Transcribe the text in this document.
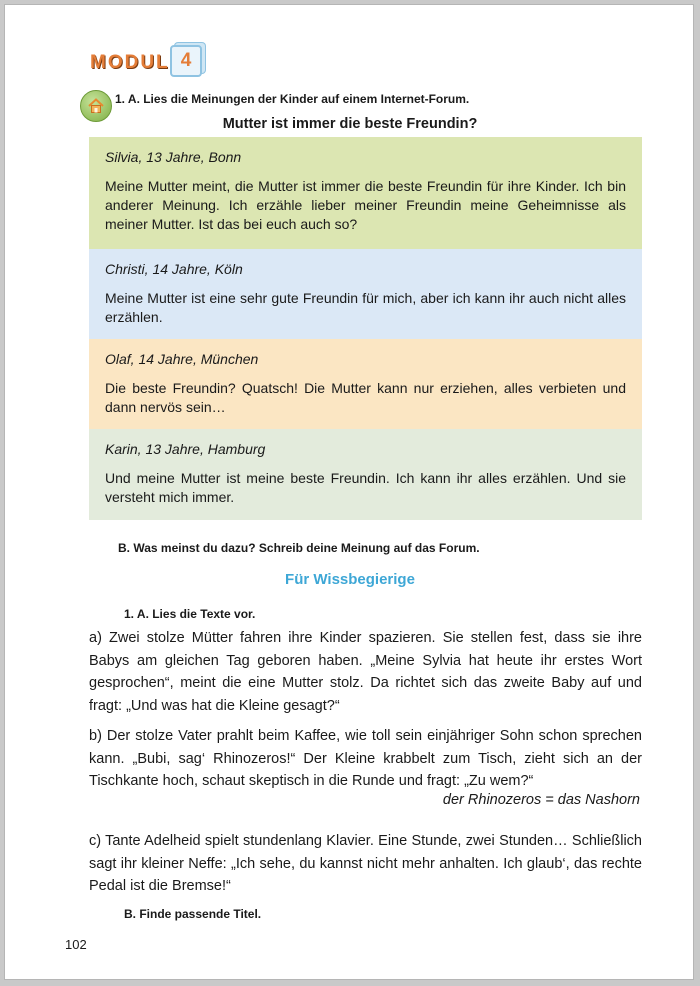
MODUL 4
1. A. Lies die Meinungen der Kinder auf einem Internet-Forum.
Mutter ist immer die beste Freundin?
Silvia, 13 Jahre, Bonn

Meine Mutter meint, die Mutter ist immer die beste Freundin für ihre Kinder. Ich bin anderer Meinung. Ich erzähle lieber meiner Freundin meine Geheimnisse als meiner Mutter. Ist das bei euch auch so?

Christi, 14 Jahre, Köln

Meine Mutter ist eine sehr gute Freundin für mich, aber ich kann ihr auch nicht alles erzählen.

Olaf, 14 Jahre, München

Die beste Freundin? Quatsch! Die Mutter kann nur erziehen, alles verbieten und dann nervös sein…

Karin, 13 Jahre, Hamburg

Und meine Mutter ist meine beste Freundin. Ich kann ihr alles erzählen. Und sie versteht mich immer.

B. Was meinst du dazu? Schreib deine Meinung auf das Forum.
Für Wissbegierige
1. A. Lies die Texte vor.

a) Zwei stolze Mütter fahren ihre Kinder spazieren. Sie stellen fest, dass sie ihre Babys am gleichen Tag geboren haben. „Meine Sylvia hat heute ihr erstes Wort gesprochen“, meint die eine Mutter stolz. Da richtet sich das zweite Baby auf und fragt: „Und was hat die Kleine gesagt?“

b) Der stolze Vater prahlt beim Kaffee, wie toll sein einjähriger Sohn schon sprechen kann. „Bubi, sag‘ Rhinozeros!“ Der Kleine krabbelt zum Tisch, zieht sich an der Tischkante hoch, schaut skeptisch in die Runde und fragt: „Zu wem?“

der Rhinozeros = das Nashorn

c) Tante Adelheid spielt stundenlang Klavier. Eine Stunde, zwei Stunden… Schließlich sagt ihr kleiner Neffe: „Ich sehe, du kannst nicht mehr anhalten. Ich glaub‘, das rechte Pedal ist die Bremse!“

B. Finde passende Titel.
102
